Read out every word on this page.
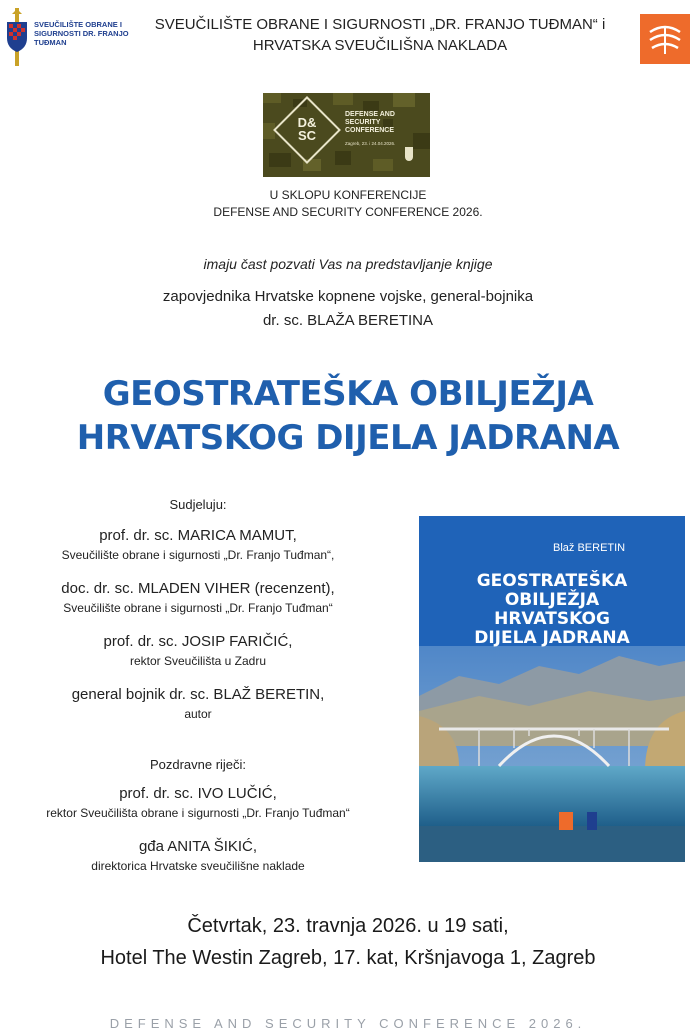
SVEUČILIŠTE OBRANE I SIGURNOSTI DR. FRANJO TUĐMAN
SVEUČILIŠTE OBRANE I SIGURNOSTI „DR. FRANJO TUĐMAN“ i
HRVATSKA SVEUČILIŠNA NAKLADA
D&
SC
DEFENSE AND SECURITY CONFERENCE
Zagreb, 23. i 24.04.2026.
U SKLOPU KONFERENCIJE
DEFENSE AND SECURITY CONFERENCE 2026.
imaju čast pozvati Vas na predstavljanje knjige
zapovjednika Hrvatske kopnene vojske, general-bojnika
dr. sc. BLAŽA BERETINA
GEOSTRATEŠKA OBILJEŽJA
HRVATSKOG DIJELA JADRANA
Sudjeluju:
prof. dr. sc. MARICA MAMUT,
Sveučilište obrane i sigurnosti „Dr. Franjo Tuđman“,
doc. dr. sc. MLADEN VIHER (recenzent),
Sveučilište obrane i sigurnosti „Dr. Franjo Tuđman“
prof. dr. sc. JOSIP FARIČIĆ,
rektor Sveučilišta u Zadru
general bojnik dr. sc. BLAŽ BERETIN,
autor
Pozdravne riječi:
prof. dr. sc. IVO LUČIĆ,
rektor Sveučilišta obrane i sigurnosti „Dr. Franjo Tuđman“
gđa ANITA ŠIKIĆ,
direktorica Hrvatske sveučilišne naklade
Blaž BERETIN
GEOSTRATEŠKA
OBILJEŽJA
HRVATSKOG
DIJELA JADRANA
Četvrtak, 23. travnja 2026. u 19 sati,
Hotel The Westin Zagreb, 17. kat, Kršnjavoga 1, Zagreb
DEFENSE AND SECURITY CONFERENCE 2026.
